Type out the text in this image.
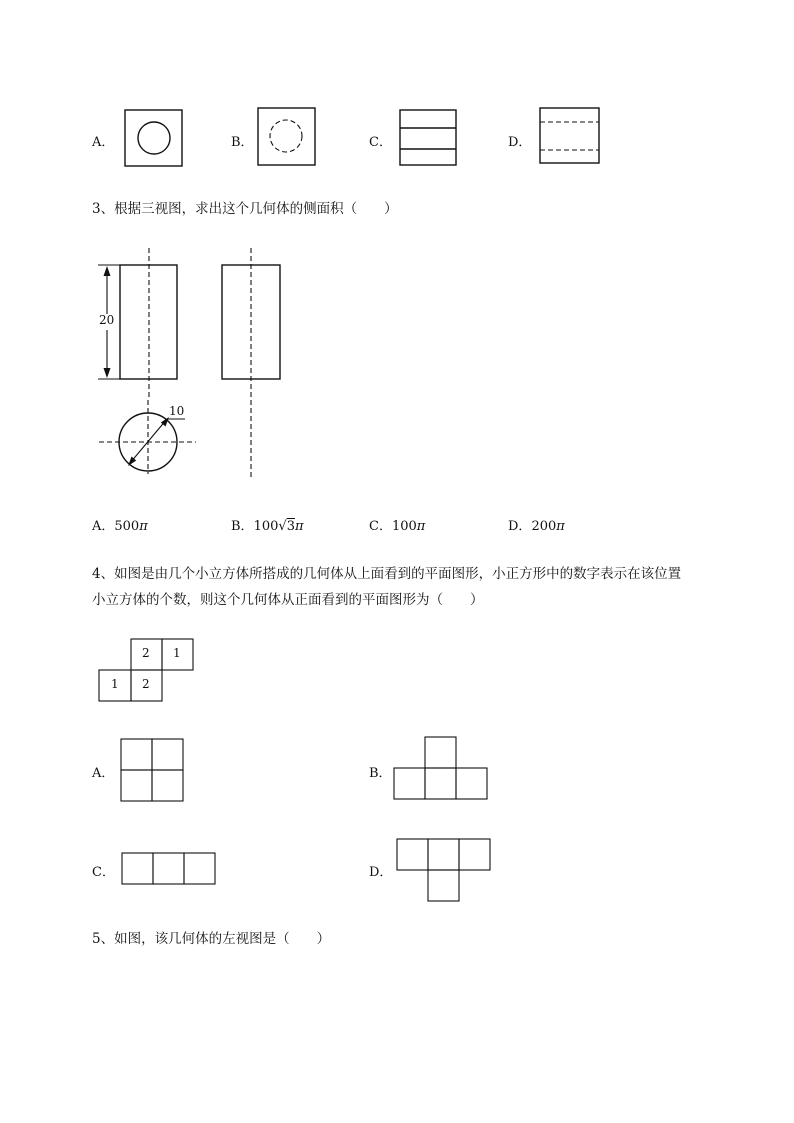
A．	B．	C．	D．
3、根据三视图，求出这个几何体的侧面积（　　）
20
10
A．500π	B．100√3π	C．100π	D．200π
4、如图是由几个小立方体所搭成的几何体从上面看到的平面图形，小正方形中的数字表示在该位置
小立方体的个数，则这个几何体从正面看到的平面图形为（　　）
2 1
1 2
A．	B．
C．	D．
5、如图，该几何体的左视图是（　　）
